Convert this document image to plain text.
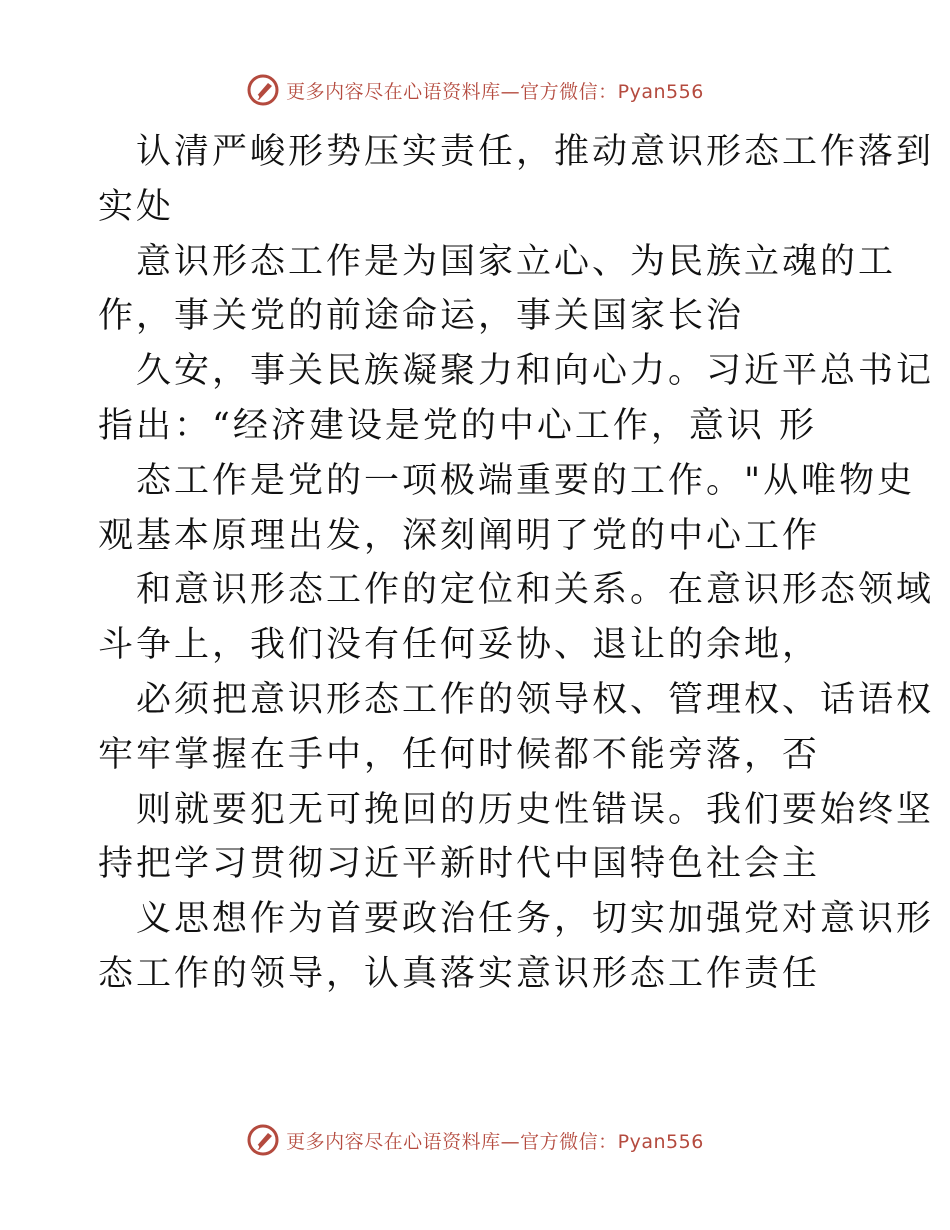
更多内容尽在心语资料库—官方微信：Pyan556
认清严峻形势压实责任，推动意识形态工作落到
实处
意识形态工作是为国家立心、为民族立魂的工
作，事关党的前途命运，事关国家长治
久安，事关民族凝聚力和向心力。习近平总书记
指出：“经济建设是党的中心工作，意识 形
态工作是党的一项极端重要的工作。"从唯物史
观基本原理出发，深刻阐明了党的中心工作
和意识形态工作的定位和关系。在意识形态领域
斗争上，我们没有任何妥协、退让的余地，
必须把意识形态工作的领导权、管理权、话语权
牢牢掌握在手中，任何时候都不能旁落，否
则就要犯无可挽回的历史性错误。我们要始终坚
持把学习贯彻习近平新时代中国特色社会主
义思想作为首要政治任务，切实加强党对意识形
态工作的领导，认真落实意识形态工作责任
更多内容尽在心语资料库—官方微信：Pyan556
